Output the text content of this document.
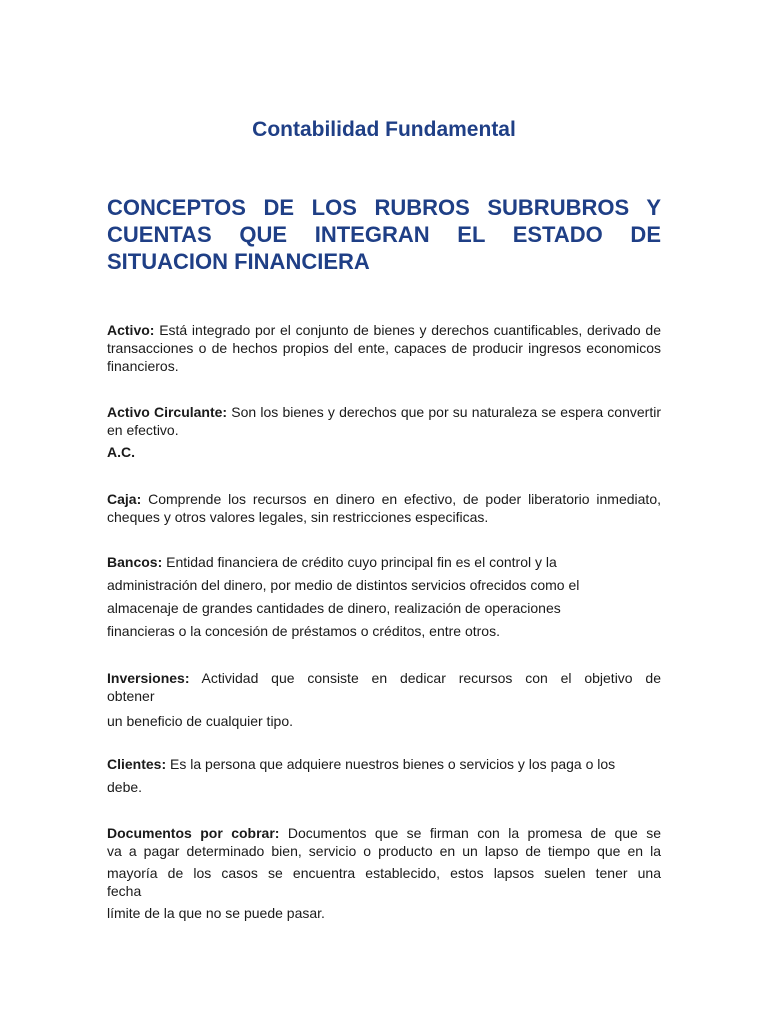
Contabilidad Fundamental
CONCEPTOS DE LOS RUBROS SUBRUBROS Y CUENTAS QUE INTEGRAN EL ESTADO DE SITUACION FINANCIERA

Activo: Está integrado por el conjunto de bienes y derechos cuantificables, derivado de transacciones o de hechos propios del ente, capaces de producir ingresos economicos financieros.

Activo Circulante: Son los bienes y derechos que por su naturaleza se espera convertir en efectivo.

A.C.

Caja: Comprende los recursos en dinero en efectivo, de poder liberatorio inmediato, cheques y otros valores legales, sin restricciones especificas.

Bancos: Entidad financiera de crédito cuyo principal fin es el control y la
administración del dinero, por medio de distintos servicios ofrecidos como el
almacenaje de grandes cantidades de dinero, realización de operaciones
financieras o la concesión de préstamos o créditos, entre otros.

Inversiones: Actividad que consiste en dedicar recursos con el objetivo de
obtener
un beneficio de cualquier tipo.

Clientes: Es la persona que adquiere nuestros bienes o servicios y los paga o los
debe.

Documentos por cobrar: Documentos que se firman con la promesa de que se
va a pagar determinado bien, servicio o producto en un lapso de tiempo que en la
mayoría de los casos se encuentra establecido, estos lapsos suelen tener una
fecha
límite de la que no se puede pasar.
